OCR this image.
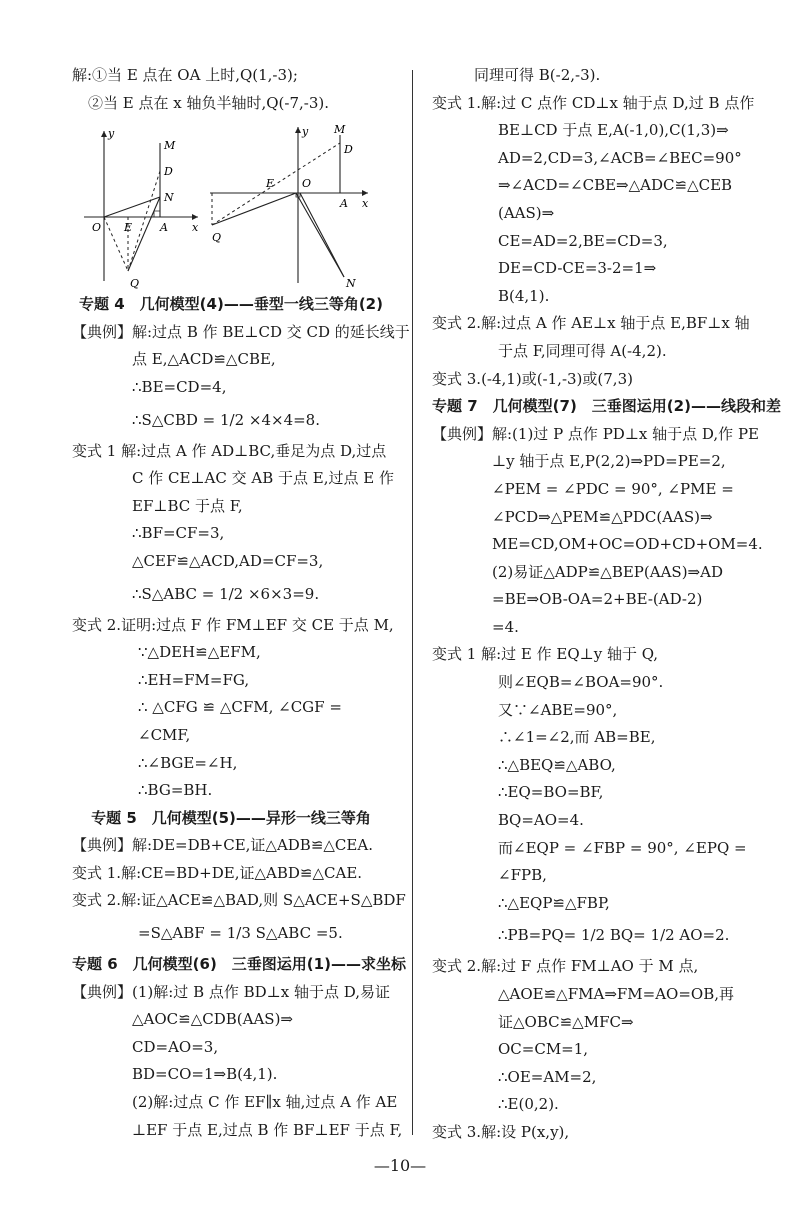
解:①当 E 点在 OA 上时,Q(1,-3);
②当 E 点在 x 轴负半轴时,Q(-7,-3).
y
M
D
N
O E	A x
Q
y M
D
E	O
A x
Q
N
专题 4　几何模型(4)——垂型一线三等角(2)
【典例】解:过点 B 作 BE⊥CD 交 CD 的延长线于
点 E,△ACD≌△CBE,
∴BE=CD=4,
∴S△CBD = 1/2 ×4×4=8.
变式 1 解:过点 A 作 AD⊥BC,垂足为点 D,过点
C 作 CE⊥AC 交 AB 于点 E,过点 E 作
EF⊥BC 于点 F,
∴BF=CF=3,
△CEF≌△ACD,AD=CF=3,
∴S△ABC = 1/2 ×6×3=9.
变式 2.证明:过点 F 作 FM⊥EF 交 CE 于点 M,
∵△DEH≌△EFM,
∴EH=FM=FG,
∴ △CFG ≌ △CFM, ∠CGF =
∠CMF,
∴∠BGE=∠H,
∴BG=BH.
专题 5　几何模型(5)——异形一线三等角
【典例】解:DE=DB+CE,证△ADB≌△CEA.
变式 1.解:CE=BD+DE,证△ABD≌△CAE.
变式 2.解:证△ACE≌△BAD,则 S△ACE+S△BDF
=S△ABF = 1/3 S△ABC =5.
专题 6　几何模型(6)　三垂图运用(1)——求坐标
【典例】(1)解:过 B 点作 BD⊥x 轴于点 D,易证
△AOC≌△CDB(AAS)⇒
CD=AO=3,
BD=CO=1⇒B(4,1).
(2)解:过点 C 作 EF∥x 轴,过点 A 作 AE
⊥EF 于点 E,过点 B 作 BF⊥EF 于点 F,
同理可得 B(-2,-3).
变式 1.解:过 C 点作 CD⊥x 轴于点 D,过 B 点作
BE⊥CD 于点 E,A(-1,0),C(1,3)⇒
AD=2,CD=3,∠ACB=∠BEC=90°
⇒∠ACD=∠CBE⇒△ADC≌△CEB
(AAS)⇒
CE=AD=2,BE=CD=3,
DE=CD-CE=3-2=1⇒
B(4,1).
变式 2.解:过点 A 作 AE⊥x 轴于点 E,BF⊥x 轴
于点 F,同理可得 A(-4,2).
变式 3.(-4,1)或(-1,-3)或(7,3)
专题 7　几何模型(7)　三垂图运用(2)——线段和差
【典例】解:(1)过 P 点作 PD⊥x 轴于点 D,作 PE
⊥y 轴于点 E,P(2,2)⇒PD=PE=2,
∠PEM = ∠PDC = 90°, ∠PME =
∠PCD⇒△PEM≌△PDC(AAS)⇒
ME=CD,OM+OC=OD+CD+OM=4.
(2)易证△ADP≌△BEP(AAS)⇒AD
=BE⇒OB-OA=2+BE-(AD-2)
=4.
变式 1 解:过 E 作 EQ⊥y 轴于 Q,
则∠EQB=∠BOA=90°.
又∵∠ABE=90°,
∴∠1=∠2,而 AB=BE,
∴△BEQ≌△ABO,
∴EQ=BO=BF,
BQ=AO=4.
而∠EQP = ∠FBP = 90°, ∠EPQ =
∠FPB,
∴△EQP≌△FBP,
∴PB=PQ= 1/2 BQ= 1/2 AO=2.
变式 2.解:过 F 点作 FM⊥AO 于 M 点,
△AOE≌△FMA⇒FM=AO=OB,再
证△OBC≌△MFC⇒
OC=CM=1,
∴OE=AM=2,
∴E(0,2).
变式 3.解:设 P(x,y),
—10—
